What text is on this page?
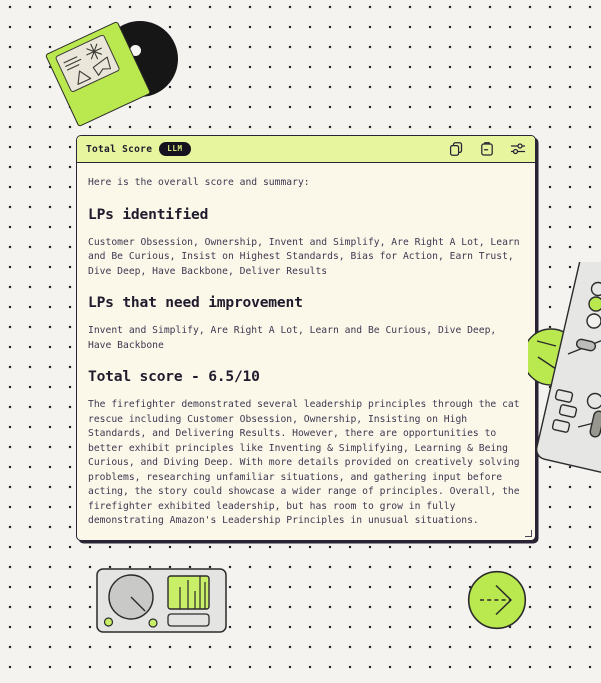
Total Score	LLM

Here is the overall score and summary:

LPs identified

Customer Obsession, Ownership, Invent and Simplify, Are Right A Lot, Learn and Be Curious, Insist on Highest Standards, Bias for Action, Earn Trust, Dive Deep, Have Backbone, Deliver Results

LPs that need improvement

Invent and Simplify, Are Right A Lot, Learn and Be Curious, Dive Deep, Have Backbone

Total score - 6.5/10

The firefighter demonstrated several leadership principles through the cat rescue including Customer Obsession, Ownership, Insisting on High Standards, and Delivering Results. However, there are opportunities to better exhibit principles like Inventing & Simplifying, Learning & Being Curious, and Diving Deep. With more details provided on creatively solving problems, researching unfamiliar situations, and gathering input before acting, the story could showcase a wider range of principles. Overall, the firefighter exhibited leadership, but has room to grow in fully demonstrating Amazon's Leadership Principles in unusual situations.
